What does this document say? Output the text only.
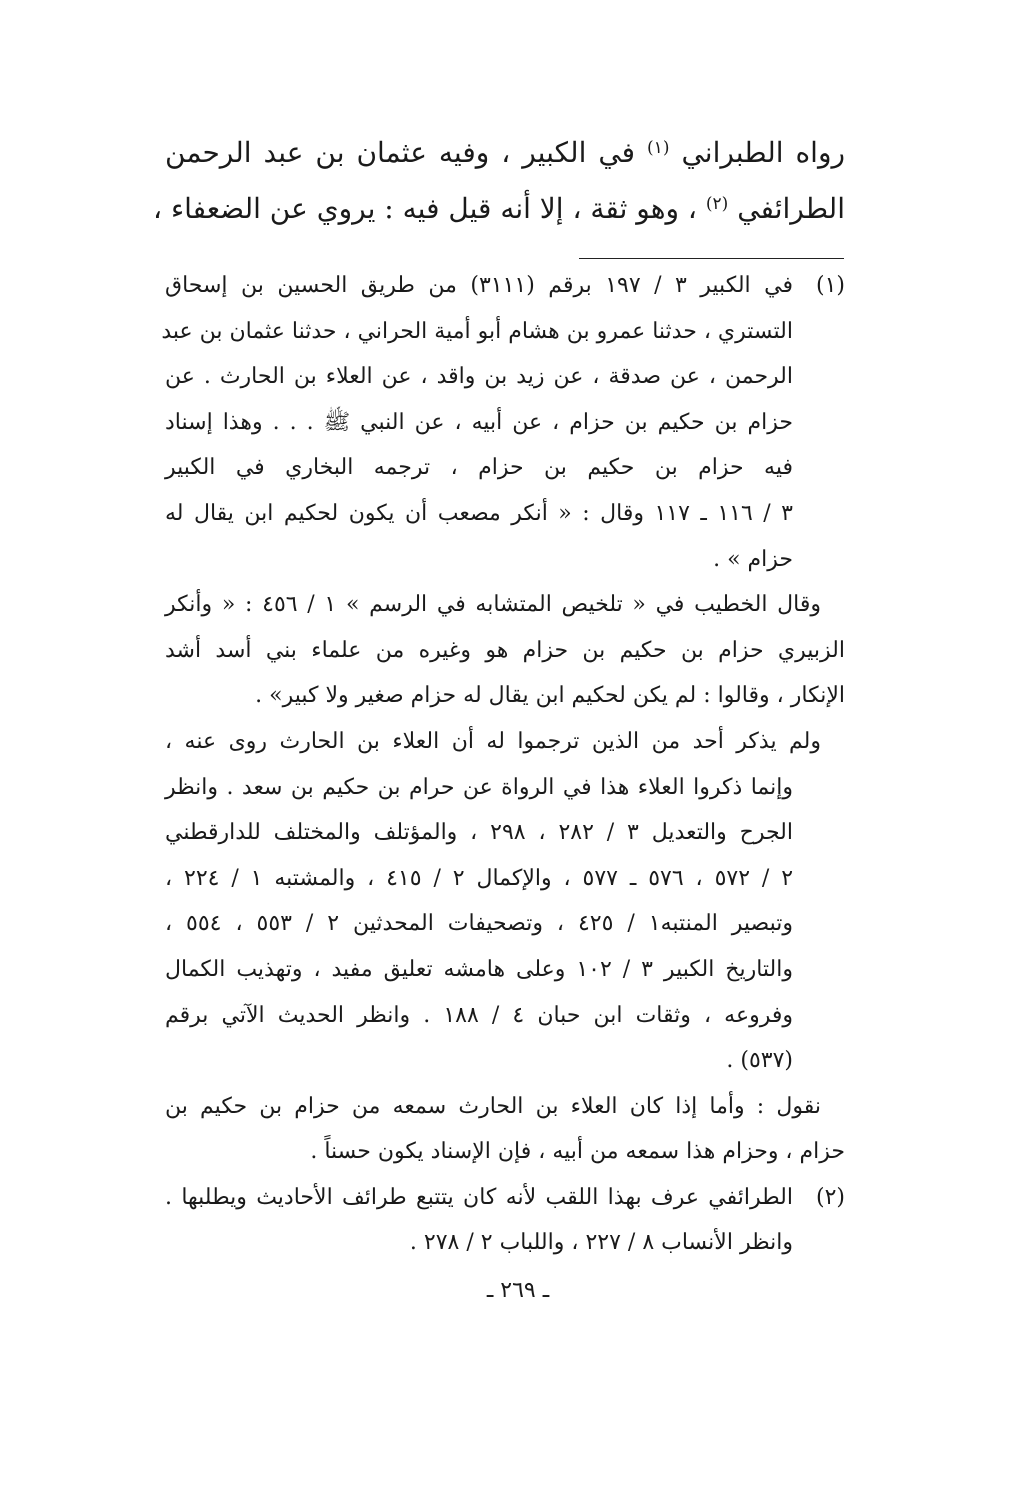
رواه الطبراني $^{(١)}$ في الكبير ، وفيه عثمان بن عبد الرحمن
الطرائفي $^{(٢)}$ ، وهو ثقة ، إلا أنه قيل فيه : يروي عن الضعفاء ،
(١)
في الكبير ٣ / ١٩٧ برقم (٣١١١) من طريق الحسين بن إسحاق
التستري ، حدثنا عمرو بن هشام أبو أمية الحراني ، حدثنا عثمان بن عبد
الرحمن ، عن صدقة ، عن زيد بن واقد ، عن العلاء بن الحارث . عن
حزام بن حكيم بن حزام ، عن أبيه ، عن النبي ﷺ . . . وهذا إسناد
فيه حزام بن حكيم بن حزام ، ترجمه البخاري في الكبير
٣ / ١١٦ ـ ١١٧ وقال : « أنكر مصعب أن يكون لحكيم ابن يقال له
حزام » .
وقال الخطيب في « تلخيص المتشابه في الرسم » ١ / ٤٥٦ : « وأنكر
الزبيري حزام بن حكيم بن حزام هو وغيره من علماء بني أسد أشد
الإنكار ، وقالوا : لم يكن لحكيم ابن يقال له حزام صغير ولا كبير» .
ولم يذكر أحد من الذين ترجموا له أن العلاء بن الحارث روى عنه ،
وإنما ذكروا العلاء هذا في الرواة عن حرام بن حكيم بن سعد . وانظر
الجرح والتعديل ٣ / ٢٨٢ ، ٢٩٨ ، والمؤتلف والمختلف للدارقطني
٢ / ٥٧٢ ، ٥٧٦ ـ ٥٧٧ ، والإكمال ٢ / ٤١٥ ، والمشتبه ١ / ٢٢٤ ،
وتبصير المنتبه١ / ٤٢٥ ، وتصحيفات المحدثين ٢ / ٥٥٣ ، ٥٥٤ ،
والتاريخ الكبير ٣ / ١٠٢ وعلى هامشه تعليق مفيد ، وتهذيب الكمال
وفروعه ، وثقات ابن حبان ٤ / ١٨٨ . وانظر الحديث الآتي برقم
(٥٣٧) .
نقول : وأما إذا كان العلاء بن الحارث سمعه من حزام بن حكيم بن
حزام ، وحزام هذا سمعه من أبيه ، فإن الإسناد يكون حسناً .
(٢)
الطرائفي عرف بهذا اللقب لأنه كان يتتبع طرائف الأحاديث ويطلبها .
وانظر الأنساب ٨ / ٢٢٧ ، واللباب ٢ / ٢٧٨ .
ـ ٢٦٩ ـ
